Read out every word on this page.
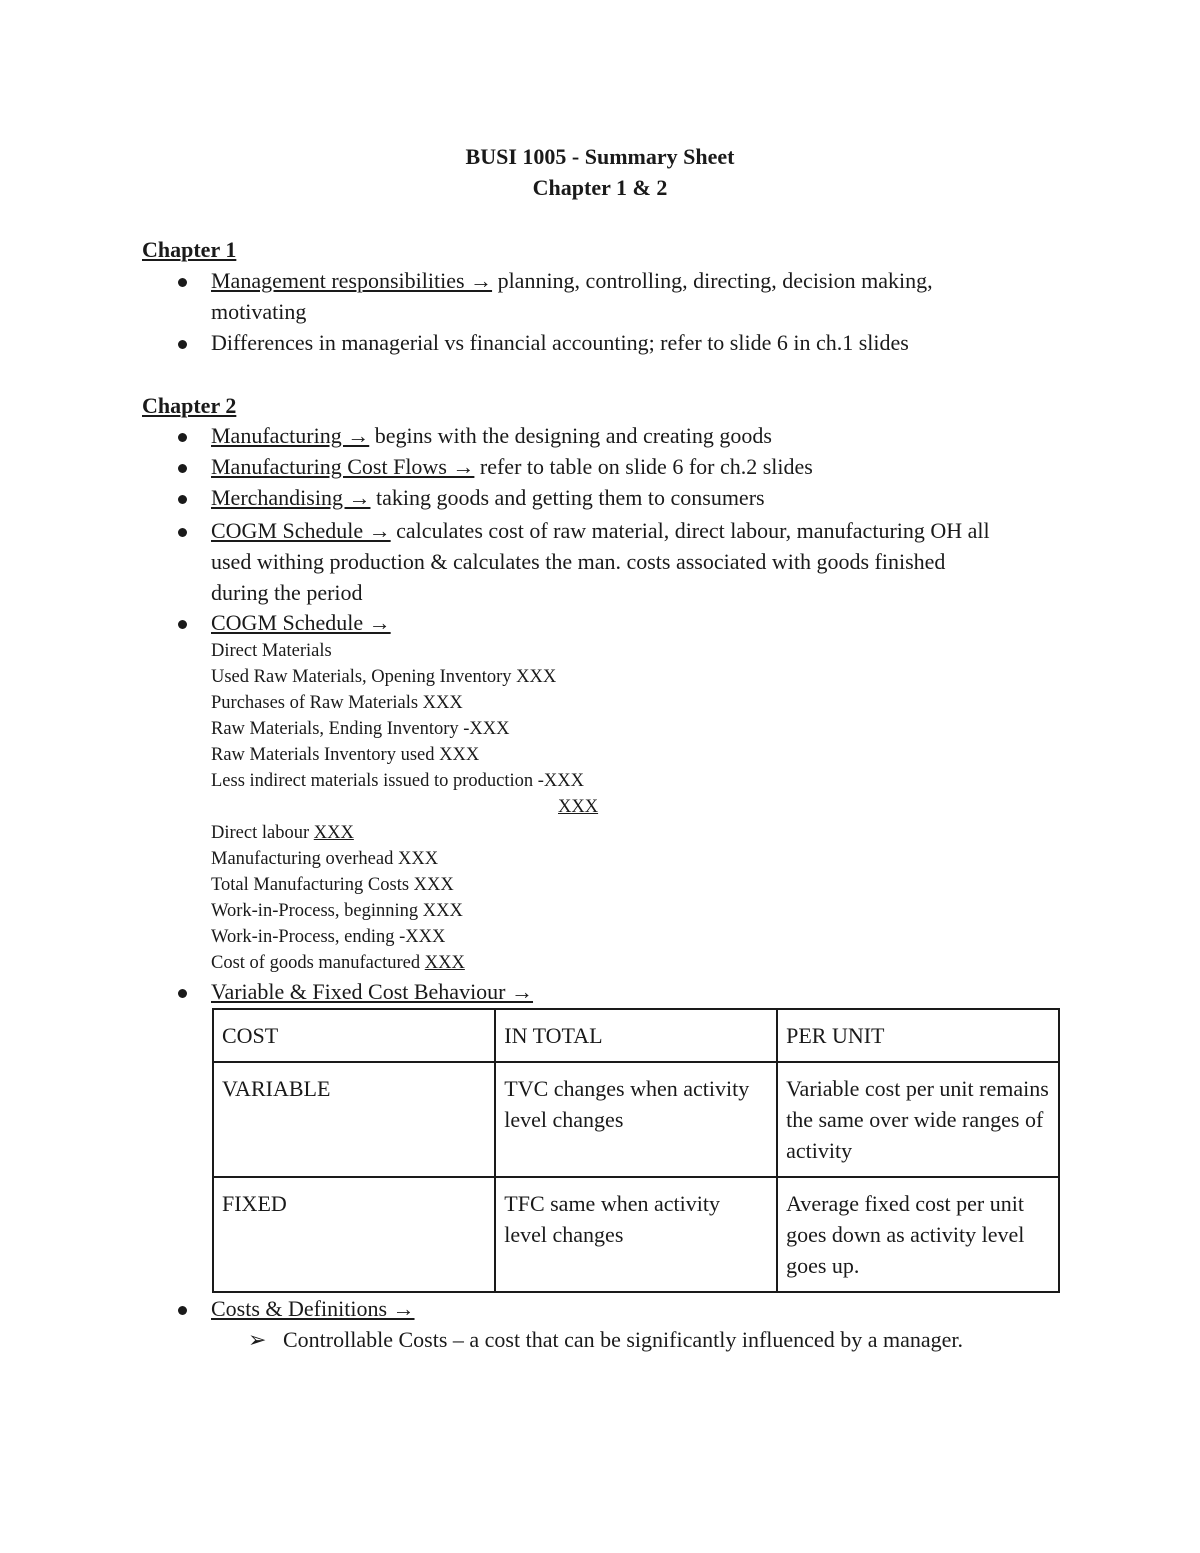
BUSI 1005 - Summary Sheet
Chapter 1 & 2
Chapter 1
Management responsibilities → planning, controlling, directing, decision making,
motivating
Differences in managerial vs financial accounting; refer to slide 6 in ch.1 slides
Chapter 2
Manufacturing → begins with the designing and creating goods
Manufacturing Cost Flows → refer to table on slide 6 for ch.2 slides
Merchandising → taking goods and getting them to consumers
COGM Schedule → calculates cost of raw material, direct labour, manufacturing OH all
used withing production & calculates the man. costs associated with goods finished
during the period
COGM Schedule →
Direct Materials
Used Raw Materials, Opening Inventory XXX
Purchases of Raw Materials XXX
Raw Materials, Ending Inventory -XXX
Raw Materials Inventory used XXX
Less indirect materials issued to production -XXX
XXX
Direct labour XXX
Manufacturing overhead XXX
Total Manufacturing Costs XXX
Work-in-Process, beginning XXX
Work-in-Process, ending -XXX
Cost of goods manufactured XXX
Variable & Fixed Cost Behaviour →
COST	IN TOTAL	PER UNIT
VARIABLE	TVC changes when activity level changes	Variable cost per unit remains the same over wide ranges of activity
FIXED	TFC same when activity level changes	Average fixed cost per unit goes down as activity level goes up.
Costs & Definitions →
➢ Controllable Costs – a cost that can be significantly influenced by a manager.
